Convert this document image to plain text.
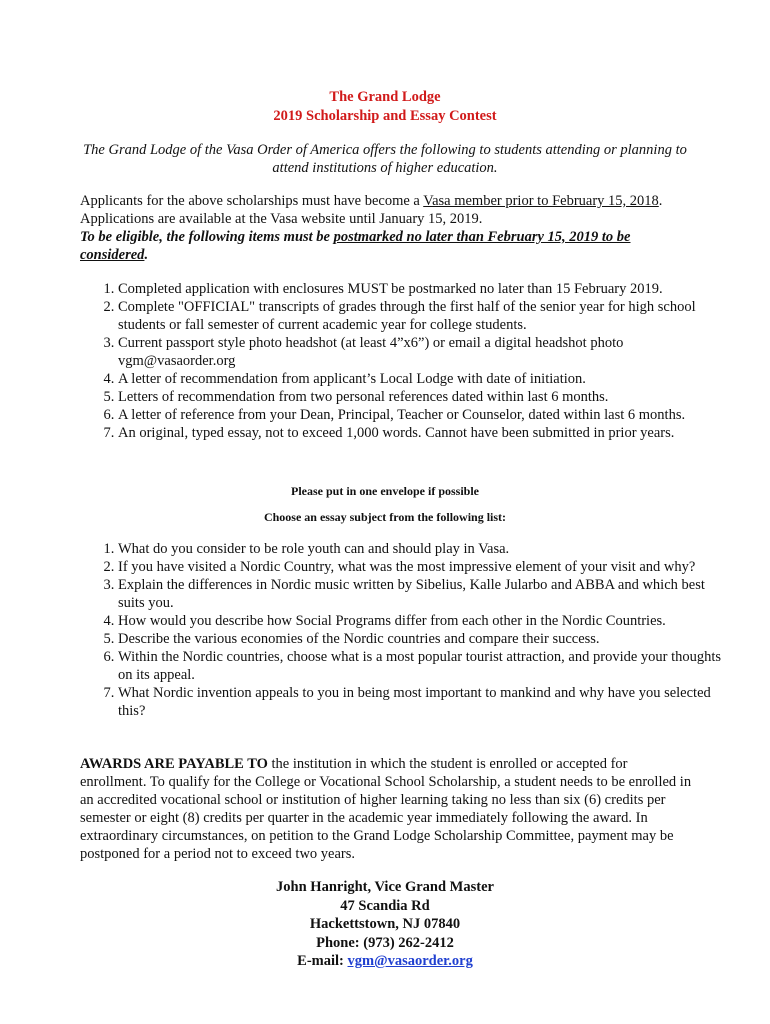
The Grand Lodge
2019 Scholarship and Essay Contest
The Grand Lodge of the Vasa Order of America offers the following to students attending or planning to attend institutions of higher education.
Applicants for the above scholarships must have become a Vasa member prior to February 15, 2018.
Applications are available at the Vasa website until January 15, 2019.
To be eligible, the following items must be postmarked no later than February 15, 2019 to be considered.
1. Completed application with enclosures MUST be postmarked no later than 15 February 2019.
2. Complete "OFFICIAL" transcripts of grades through the first half of the senior year for high school students or fall semester of current academic year for college students.
3. Current passport style photo headshot (at least 4”x6”) or email a digital headshot photo vgm@vasaorder.org
4. A letter of recommendation from applicant’s Local Lodge with date of initiation.
5. Letters of recommendation from two personal references dated within last 6 months.
6. A letter of reference from your Dean, Principal, Teacher or Counselor, dated within last 6 months.
7. An original, typed essay, not to exceed 1,000 words. Cannot have been submitted in prior years.
Please put in one envelope if possible
Choose an essay subject from the following list:
1. What do you consider to be role youth can and should play in Vasa.
2. If you have visited a Nordic Country, what was the most impressive element of your visit and why?
3. Explain the differences in Nordic music written by Sibelius, Kalle Jularbo and ABBA and which best suits you.
4. How would you describe how Social Programs differ from each other in the Nordic Countries.
5. Describe the various economies of the Nordic countries and compare their success.
6. Within the Nordic countries, choose what is a most popular tourist attraction, and provide your thoughts on its appeal.
7. What Nordic invention appeals to you in being most important to mankind and why have you selected this?
AWARDS ARE PAYABLE TO the institution in which the student is enrolled or accepted for enrollment. To qualify for the College or Vocational School Scholarship, a student needs to be enrolled in an accredited vocational school or institution of higher learning taking no less than six (6) credits per semester or eight (8) credits per quarter in the academic year immediately following the award. In extraordinary circumstances, on petition to the Grand Lodge Scholarship Committee, payment may be postponed for a period not to exceed two years.
John Hanright, Vice Grand Master
47 Scandia Rd
Hackettstown, NJ 07840
Phone: (973) 262-2412
E-mail: vgm@vasaorder.org
